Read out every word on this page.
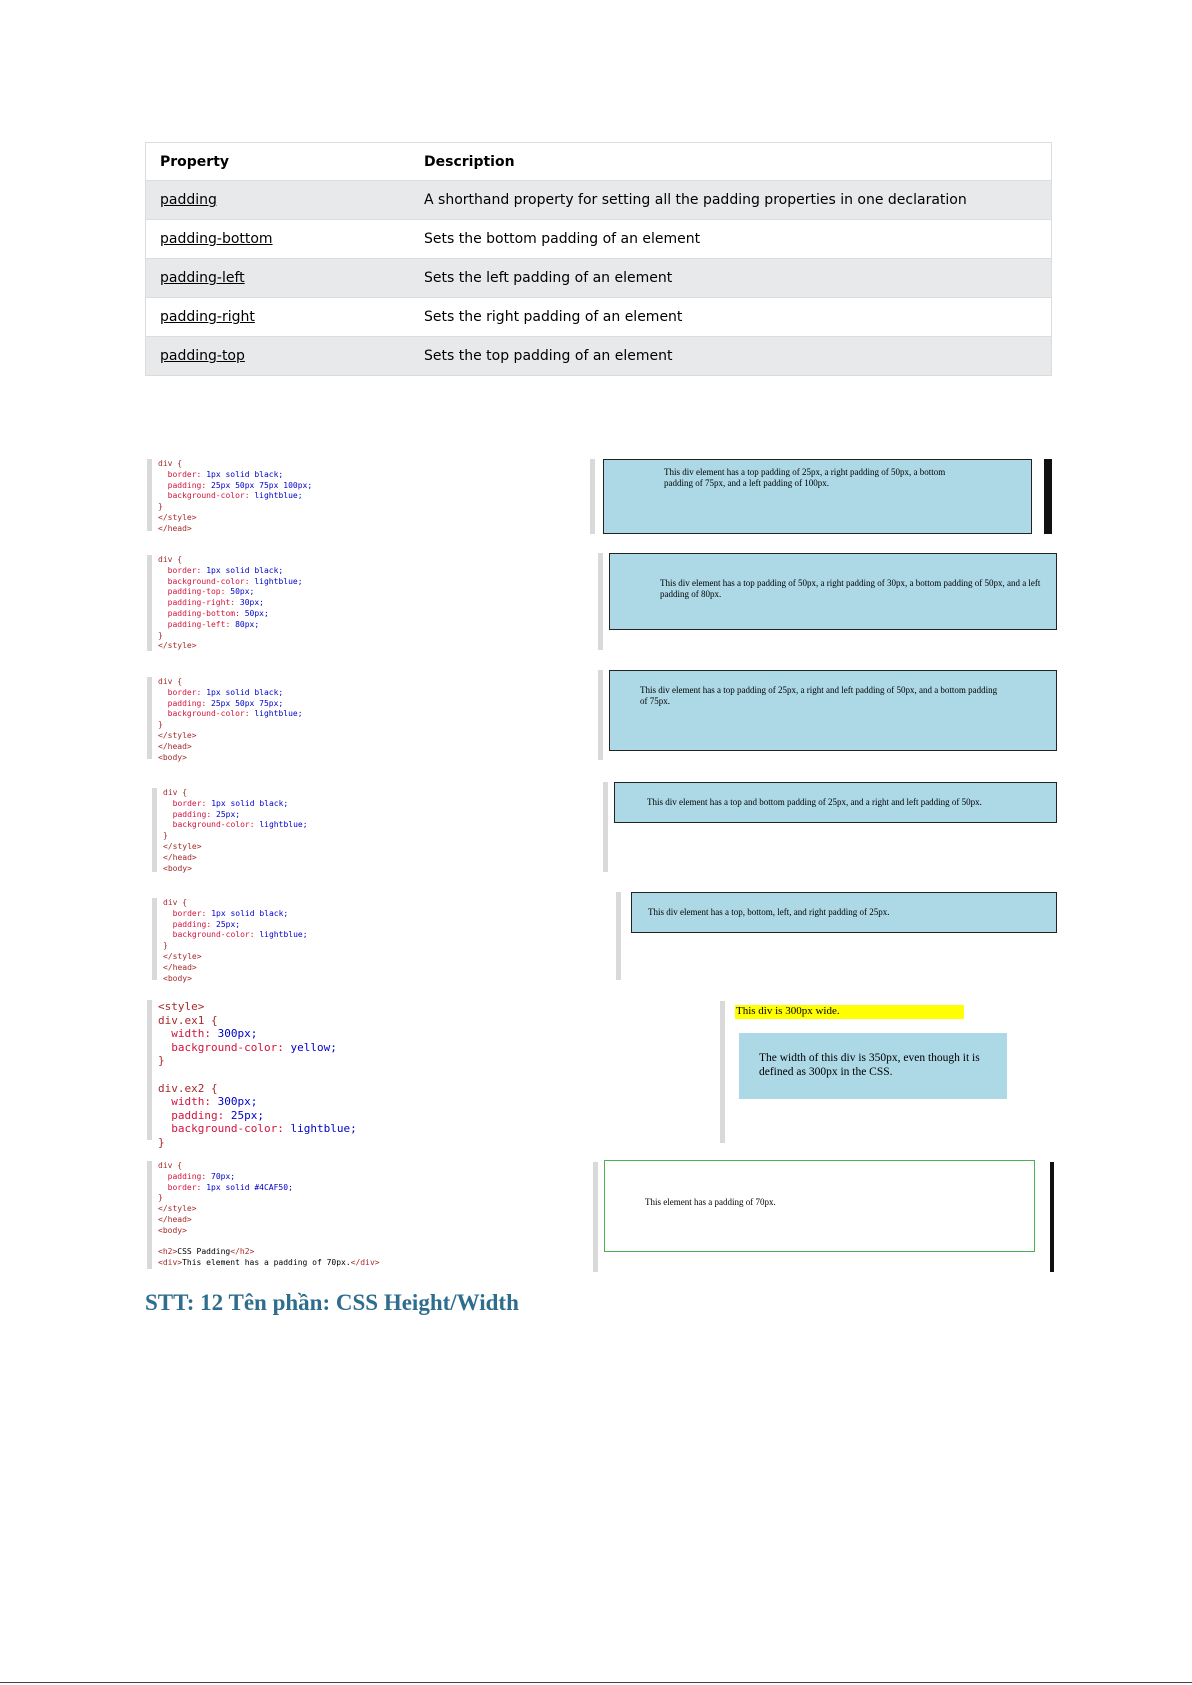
Property	Description
padding	A shorthand property for setting all the padding properties in one declaration
padding-bottom	Sets the bottom padding of an element
padding-left	Sets the left padding of an element
padding-right	Sets the right padding of an element
padding-top	Sets the top padding of an element
div {
border: 1px solid black;
padding: 25px 50px 75px 100px;
background-color: lightblue;
}
</style>
</head>
This div element has a top padding of 25px, a right padding of 50px, a bottom padding of 75px, and a left padding of 100px.
div {
border: 1px solid black;
background-color: lightblue;
padding-top: 50px;
padding-right: 30px;
padding-bottom: 50px;
padding-left: 80px;
}
</style>
This div element has a top padding of 50px, a right padding of 30px, a bottom padding of 50px, and a left padding of 80px.
div {
border: 1px solid black;
padding: 25px 50px 75px;
background-color: lightblue;
}
</style>
</head>
<body>
This div element has a top padding of 25px, a right and left padding of 50px, and a bottom padding of 75px.
div {
border: 1px solid black;
padding: 25px;
background-color: lightblue;
}
</style>
</head>
<body>
This div element has a top and bottom padding of 25px, and a right and left padding of 50px.
div {
border: 1px solid black;
padding: 25px;
background-color: lightblue;
}
</style>
</head>
<body>
This div element has a top, bottom, left, and right padding of 25px.
<style>
div.ex1 {
width: 300px;
background-color: yellow;
}

div.ex2 {
width: 300px;
padding: 25px;
background-color: lightblue;
}
This div is 300px wide.
The width of this div is 350px, even though it is defined as 300px in the CSS.
div {
padding: 70px;
border: 1px solid #4CAF50;
}
</style>
</head>
<body>

<h2>CSS Padding</h2>
<div>This element has a padding of 70px.</div>
This element has a padding of 70px.
STT: 12 Tên phần: CSS Height/Width
